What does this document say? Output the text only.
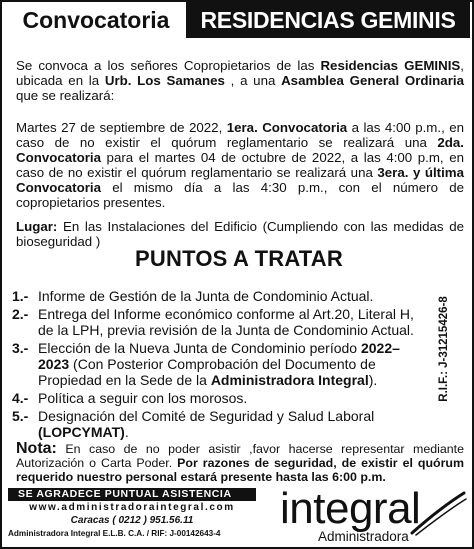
Convocatoria	RESIDENCIAS GEMINIS
Se convoca a los señores Copropietarios de las Residencias GEMINIS, ubicada en la Urb. Los Samanes , a una Asamblea General Ordinaria que se realizará:
Martes 27 de septiembre de 2022, 1era. Convocatoria a las 4:00 p.m., en caso de no existir el quórum reglamentario se realizará una 2da. Convocatoria para el martes 04 de octubre de 2022, a las 4:00 p.m, en caso de no existir el quórum reglamentario se realizará una 3era. y última Convocatoria el mismo día a las 4:30 p.m., con el número de copropietarios presentes.
Lugar: En las Instalaciones del Edificio (Cumpliendo con las medidas de bioseguridad )
PUNTOS A TRATAR
1.- Informe de Gestión de la Junta de Condominio Actual.
2.- Entrega del Informe económico conforme al Art.20, Literal H, de la LPH, previa revisión de la Junta de Condominio Actual.
3.- Elección de la Nueva Junta de Condominio período 2022– 2023 (Con Posterior Comprobación del Documento de Propiedad en la Sede de la Administradora Integral).
4.- Política a seguir con los morosos.
5.- Designación del Comité de Seguridad y Salud Laboral (LOPCYMAT).
R.I.F.: J-31215426-8
Nota: En caso de no poder asistir ,favor hacerse representar mediante Autorización o Carta Poder. Por razones de seguridad, de existir el quórum requerido nuestro personal estará presente hasta las 6:00 p.m.
SE AGRADECE PUNTUAL ASISTENCIA
www.administradoraintegral.com
Caracas ( 0212 ) 951.56.11
Administradora Integral E.L.B. C.A. / RIF: J-00142643-4
integral
Administradora
